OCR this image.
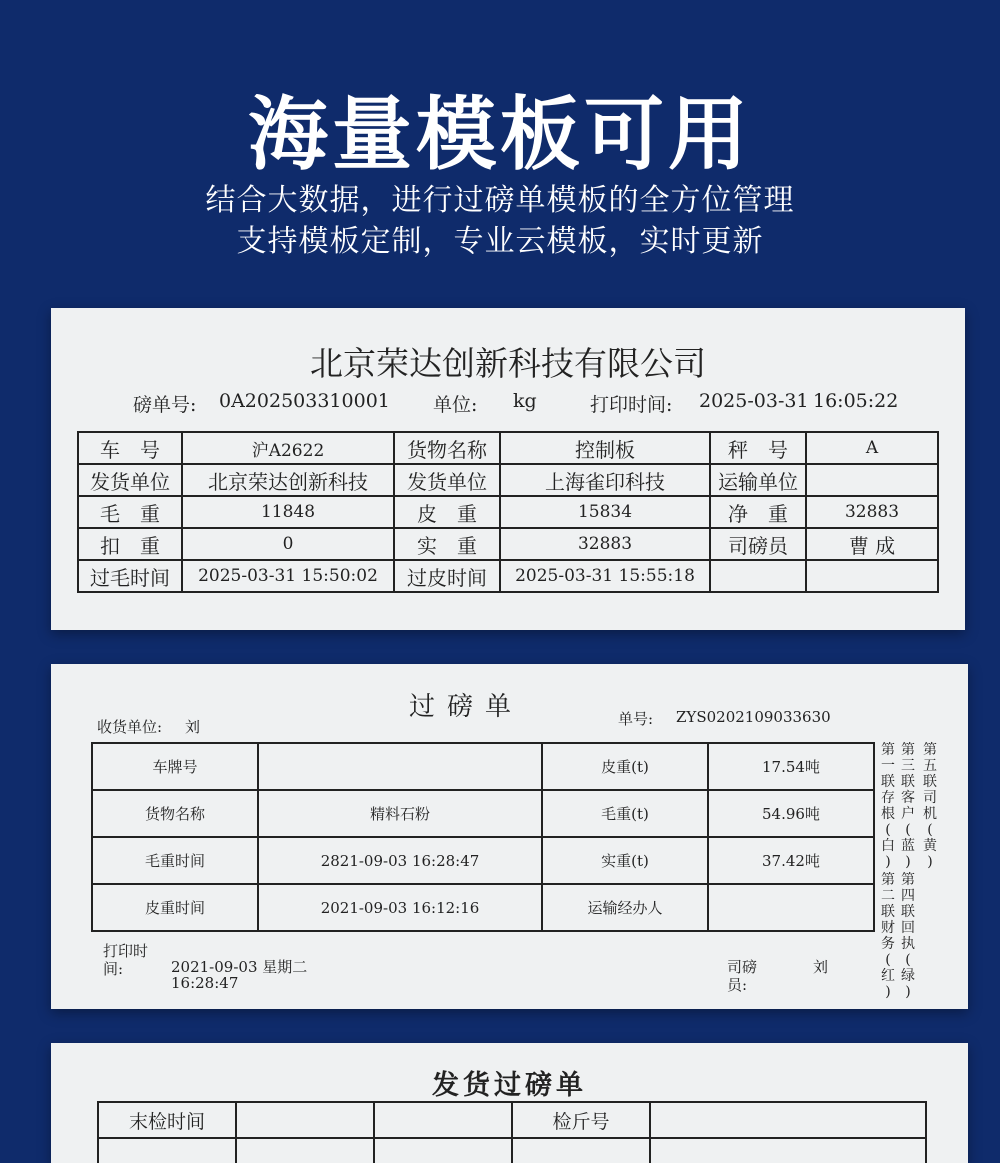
海量模板可用
结合大数据，进行过磅单模板的全方位管理
支持模板定制，专业云模板，实时更新
北京荣达创新科技有限公司
磅单号: 0A202503310001 单位: kg	打印时间: 2025-03-31 16:05:22
车　号	沪A2622	货物名称	控制板	秤　号	A
发货单位	北京荣达创新科技	发货单位	上海雀印科技	运输单位	
毛　重	11848	皮　重	15834	净　重	32883
扣　重	0	实　重	32883	司磅员	曹 成
过毛时间	2025-03-31 15:50:02	过皮时间	2025-03-31 15:55:18		
过磅单
收货单位: 刘	单号: ZYS0202109033630
车牌号		皮重(t)	17.54吨
货物名称	精料石粉	毛重(t)	54.96吨
毛重时间	2821-09-03 16:28:47	实重(t)	37.42吨
皮重时间	2021-09-03 16:12:16	运输经办人	
第
一
联
存
根
(
白
)
第
二
联
财
务
(
红
)
第
三
联
客
户
(
蓝
)
第
四
联
回
执
(
绿
)
第
五
联
司
机
(
黄
)
打印时
间:	2021-09-03 星期二
16:28:47
司磅
员:
刘
发货过磅单
末检时间			检斤号	
